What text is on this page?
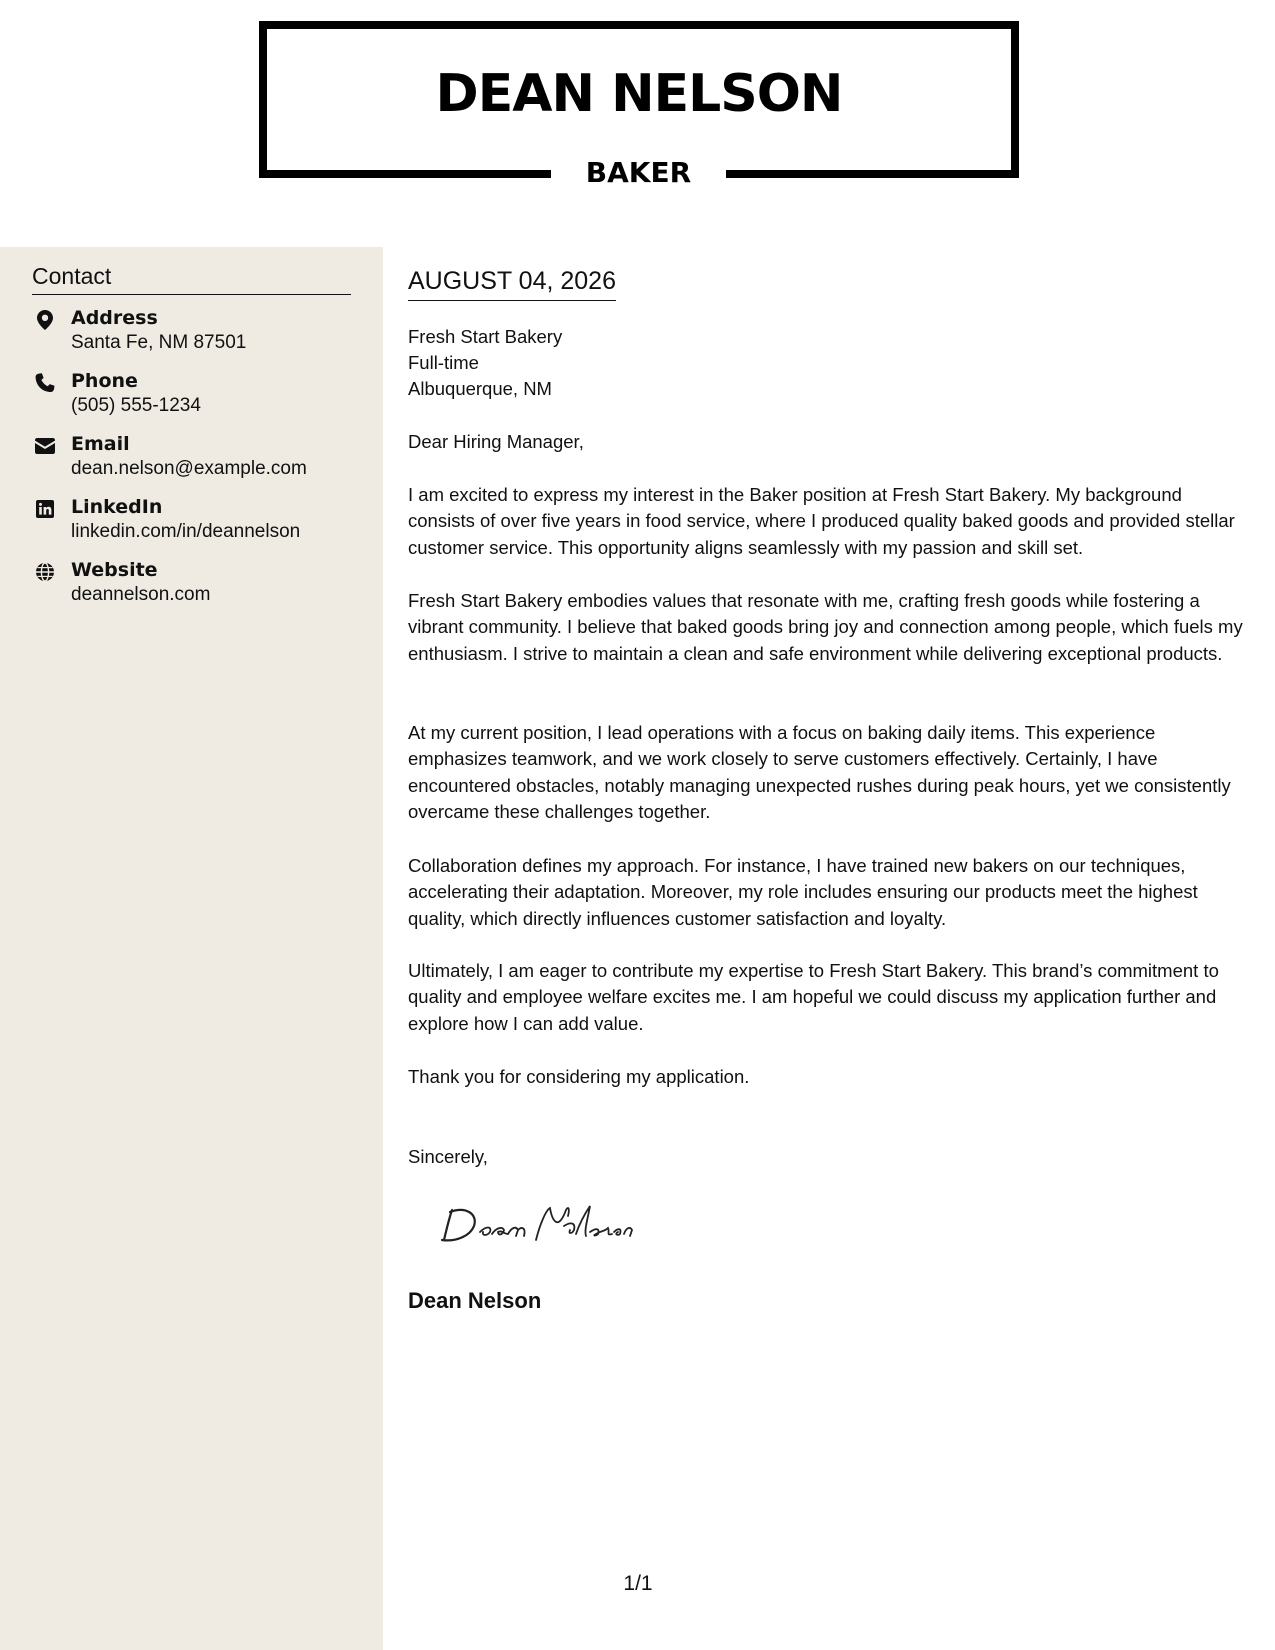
DEAN NELSON
BAKER
Contact
Address
Santa Fe, NM 87501
Phone
(505) 555-1234
Email
dean.nelson@example.com
LinkedIn
linkedin.com/in/deannelson
Website
deannelson.com
AUGUST 04, 2026
Fresh Start Bakery
Full-time
Albuquerque, NM
Dear Hiring Manager,
I am excited to express my interest in the Baker position at Fresh Start Bakery. My background consists of over five years in food service, where I produced quality baked goods and provided stellar customer service. This opportunity aligns seamlessly with my passion and skill set.
Fresh Start Bakery embodies values that resonate with me, crafting fresh goods while fostering a vibrant community. I believe that baked goods bring joy and connection among people, which fuels my enthusiasm. I strive to maintain a clean and safe environment while delivering exceptional products.
At my current position, I lead operations with a focus on baking daily items. This experience emphasizes teamwork, and we work closely to serve customers effectively. Certainly, I have encountered obstacles, notably managing unexpected rushes during peak hours, yet we consistently overcame these challenges together.
Collaboration defines my approach. For instance, I have trained new bakers on our techniques, accelerating their adaptation. Moreover, my role includes ensuring our products meet the highest quality, which directly influences customer satisfaction and loyalty.
Ultimately, I am eager to contribute my expertise to Fresh Start Bakery. This brand’s commitment to quality and employee welfare excites me. I am hopeful we could discuss my application further and explore how I can add value.
Thank you for considering my application.
Sincerely,
Dean Nelson
1/1
